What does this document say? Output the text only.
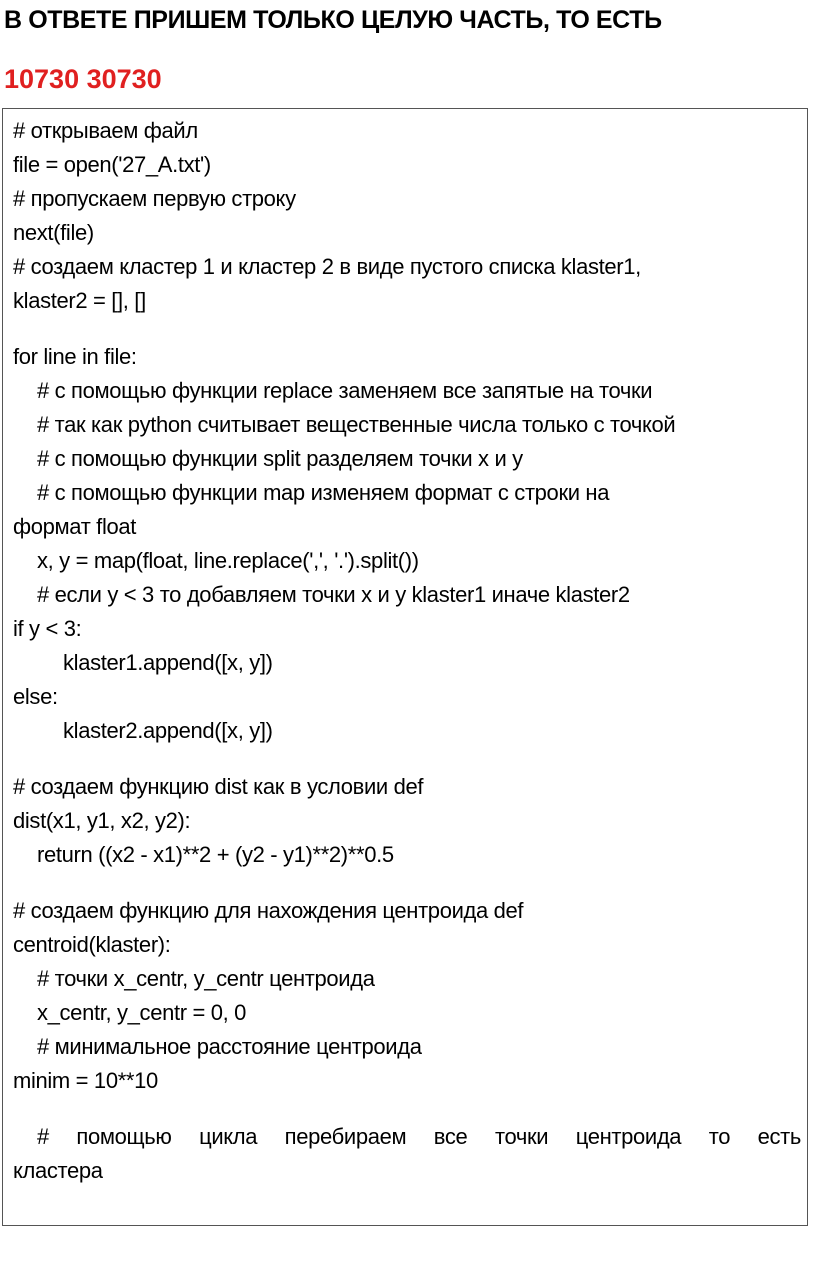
В ОТВЕТЕ ПРИШЕМ ТОЛЬКО ЦЕЛУЮ ЧАСТЬ, ТО ЕСТЬ
10730 30730
# открываем файл
file = open('27_A.txt')
# пропускаем первую строку
next(file)
# создаем кластер 1 и кластер 2 в виде пустого списка klaster1,
klaster2 = [], []
for line in file:
# с помощью функции replace заменяем все запятые на точки
# так как python считывает вещественные числа только с точкой
# с помощью функции split разделяем точки x и y
# с помощью функции map изменяем формат с строки на
формат float
x, y = map(float, line.replace(',', '.').split())
# если y < 3 то добавляем точки x и y klaster1 иначе klaster2
if y < 3:
klaster1.append([x, y])
else:
klaster2.append([x, y])
# создаем функцию dist как в условии def
dist(x1, y1, x2, y2):
return ((x2 - x1)**2 + (y2 - y1)**2)**0.5
# создаем функцию для нахождения центроида def
centroid(klaster):
# точки x_centr, y_centr центроида
x_centr, y_centr = 0, 0
# минимальное расстояние центроида
minim = 10**10
# помощью цикла перебираем все точки центроида то есть
кластера
